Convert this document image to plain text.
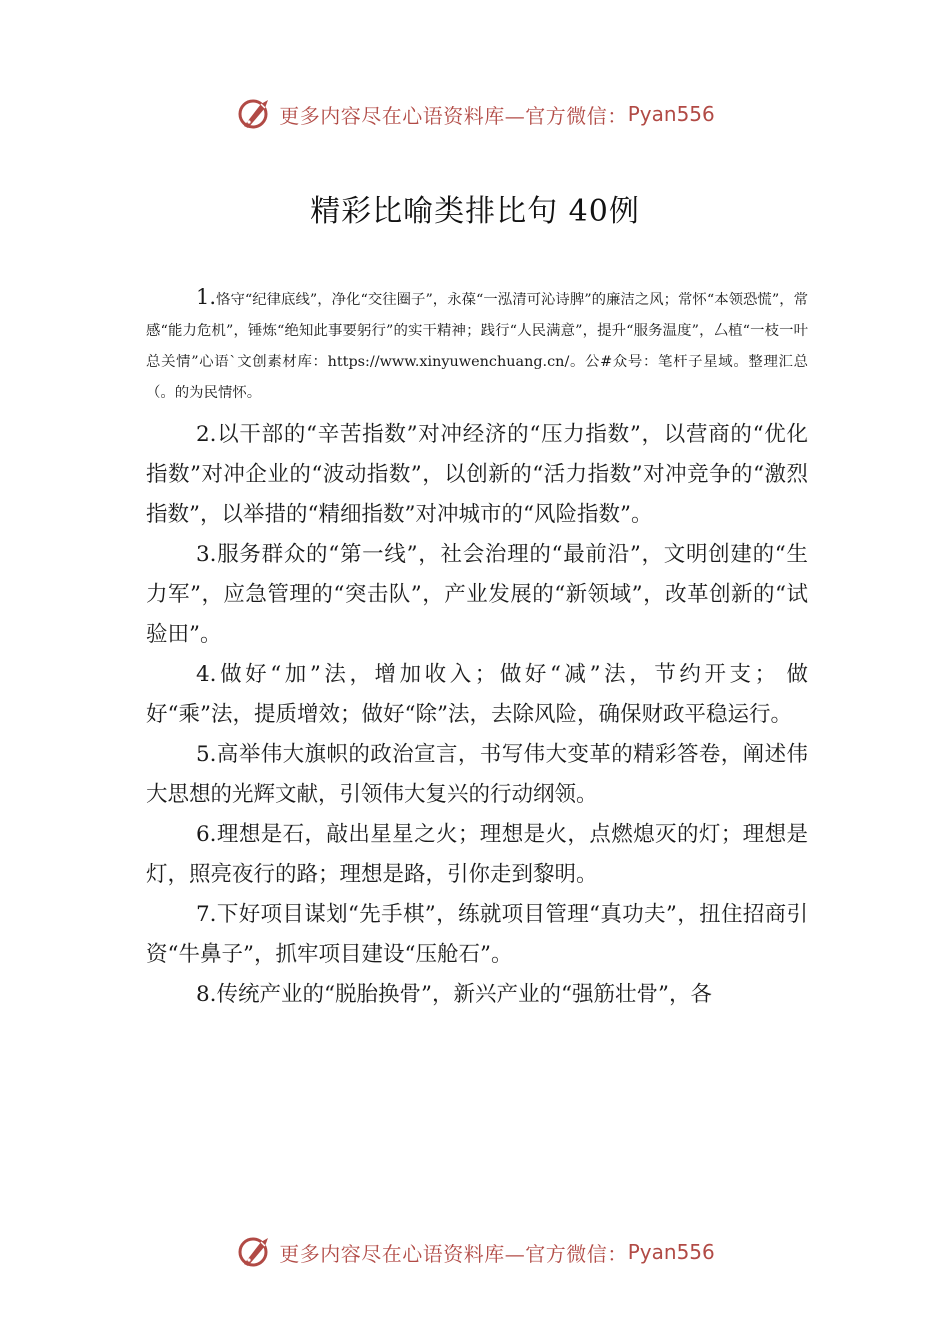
更多内容尽在心语资料库—官方微信： Pyan556
精彩比喻类排比句 40例

1.恪守“纪律底线”，净化“交往圈子”，永葆“一泓清可沁诗脾”的廉洁之风；常怀“本领恐慌”，常感“能力危机”，锤炼“绝知此事要躬行”的实干精神；践行“人民满意”，提升“服务温度”，厶植“一枝一叶总关情”心语`文创素材库：https://www.xinyuwenchuang.cn/。公#众号：笔杆子星域。整理汇总（。的为民情怀。

2.以干部的“辛苦指数”对冲经济的“压力指数”，以营商的“优化指数”对冲企业的“波动指数”，以创新的“活力指数”对冲竞争的“激烈指数”，以举措的“精细指数”对冲城市的“风险指数”。

3.服务群众的“第一线”，社会治理的“最前沿”，文明创建的“生力军”，应急管理的“突击队”，产业发展的“新领域”，改革创新的“试验田”。

4.做好“加”法，增加收入；做好“减”法，节约开支； 做好“乘”法，提质增效；做好“除”法，去除风险，确保财政平稳运行。

5.高举伟大旗帜的政治宣言，书写伟大变革的精彩答卷，阐述伟大思想的光辉文献，引领伟大复兴的行动纲领。

6.理想是石，敲出星星之火；理想是火，点燃熄灭的灯；理想是灯，照亮夜行的路；理想是路，引你走到黎明。

7.下好项目谋划“先手棋”，练就项目管理“真功夫”，扭住招商引资“牛鼻子”，抓牢项目建设“压舱石”。

8.传统产业的“脱胎换骨”，新兴产业的“强筋壮骨”，各

更多内容尽在心语资料库—官方微信： Pyan556
